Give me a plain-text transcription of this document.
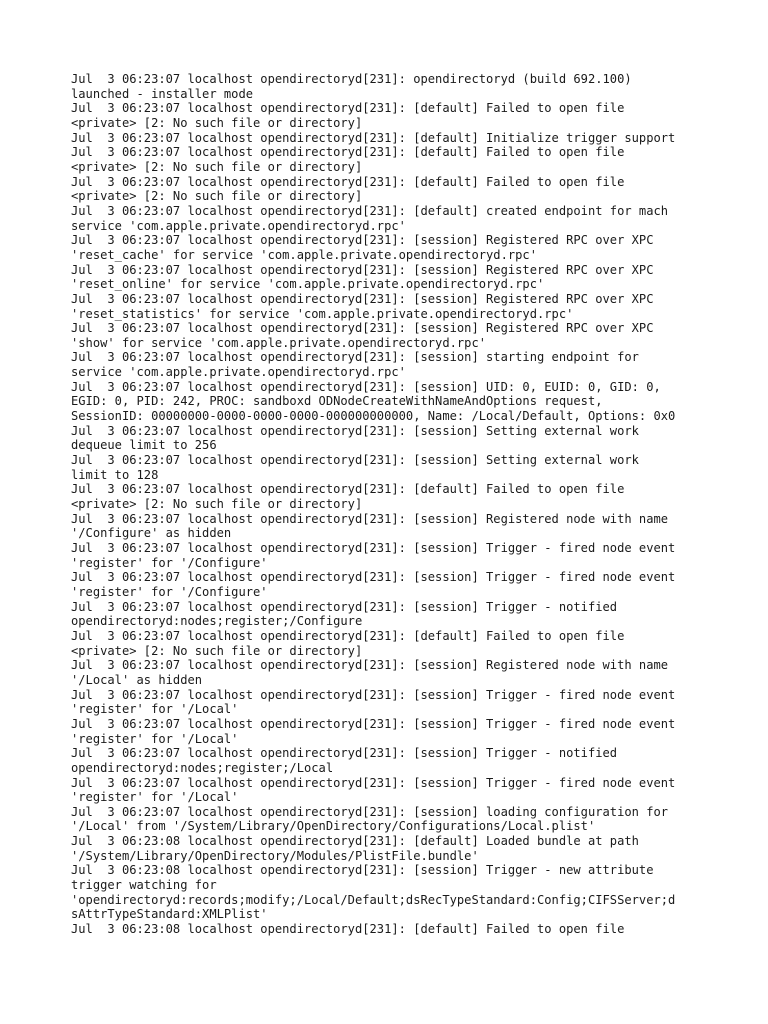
Jul  3 06:23:07 localhost opendirectoryd[231]: opendirectoryd (build 692.100)
launched - installer mode
Jul  3 06:23:07 localhost opendirectoryd[231]: [default] Failed to open file
<private> [2: No such file or directory]
Jul  3 06:23:07 localhost opendirectoryd[231]: [default] Initialize trigger support
Jul  3 06:23:07 localhost opendirectoryd[231]: [default] Failed to open file
<private> [2: No such file or directory]
Jul  3 06:23:07 localhost opendirectoryd[231]: [default] Failed to open file
<private> [2: No such file or directory]
Jul  3 06:23:07 localhost opendirectoryd[231]: [default] created endpoint for mach
service 'com.apple.private.opendirectoryd.rpc'
Jul  3 06:23:07 localhost opendirectoryd[231]: [session] Registered RPC over XPC
'reset_cache' for service 'com.apple.private.opendirectoryd.rpc'
Jul  3 06:23:07 localhost opendirectoryd[231]: [session] Registered RPC over XPC
'reset_online' for service 'com.apple.private.opendirectoryd.rpc'
Jul  3 06:23:07 localhost opendirectoryd[231]: [session] Registered RPC over XPC
'reset_statistics' for service 'com.apple.private.opendirectoryd.rpc'
Jul  3 06:23:07 localhost opendirectoryd[231]: [session] Registered RPC over XPC
'show' for service 'com.apple.private.opendirectoryd.rpc'
Jul  3 06:23:07 localhost opendirectoryd[231]: [session] starting endpoint for
service 'com.apple.private.opendirectoryd.rpc'
Jul  3 06:23:07 localhost opendirectoryd[231]: [session] UID: 0, EUID: 0, GID: 0,
EGID: 0, PID: 242, PROC: sandboxd ODNodeCreateWithNameAndOptions request,
SessionID: 00000000-0000-0000-0000-000000000000, Name: /Local/Default, Options: 0x0
Jul  3 06:23:07 localhost opendirectoryd[231]: [session] Setting external work
dequeue limit to 256
Jul  3 06:23:07 localhost opendirectoryd[231]: [session] Setting external work
limit to 128
Jul  3 06:23:07 localhost opendirectoryd[231]: [default] Failed to open file
<private> [2: No such file or directory]
Jul  3 06:23:07 localhost opendirectoryd[231]: [session] Registered node with name
'/Configure' as hidden
Jul  3 06:23:07 localhost opendirectoryd[231]: [session] Trigger - fired node event
'register' for '/Configure'
Jul  3 06:23:07 localhost opendirectoryd[231]: [session] Trigger - fired node event
'register' for '/Configure'
Jul  3 06:23:07 localhost opendirectoryd[231]: [session] Trigger - notified
opendirectoryd:nodes;register;/Configure
Jul  3 06:23:07 localhost opendirectoryd[231]: [default] Failed to open file
<private> [2: No such file or directory]
Jul  3 06:23:07 localhost opendirectoryd[231]: [session] Registered node with name
'/Local' as hidden
Jul  3 06:23:07 localhost opendirectoryd[231]: [session] Trigger - fired node event
'register' for '/Local'
Jul  3 06:23:07 localhost opendirectoryd[231]: [session] Trigger - fired node event
'register' for '/Local'
Jul  3 06:23:07 localhost opendirectoryd[231]: [session] Trigger - notified
opendirectoryd:nodes;register;/Local
Jul  3 06:23:07 localhost opendirectoryd[231]: [session] Trigger - fired node event
'register' for '/Local'
Jul  3 06:23:07 localhost opendirectoryd[231]: [session] loading configuration for
'/Local' from '/System/Library/OpenDirectory/Configurations/Local.plist'
Jul  3 06:23:08 localhost opendirectoryd[231]: [default] Loaded bundle at path
'/System/Library/OpenDirectory/Modules/PlistFile.bundle'
Jul  3 06:23:08 localhost opendirectoryd[231]: [session] Trigger - new attribute
trigger watching for
'opendirectoryd:records;modify;/Local/Default;dsRecTypeStandard:Config;CIFSServer;d
sAttrTypeStandard:XMLPlist'
Jul  3 06:23:08 localhost opendirectoryd[231]: [default] Failed to open file
